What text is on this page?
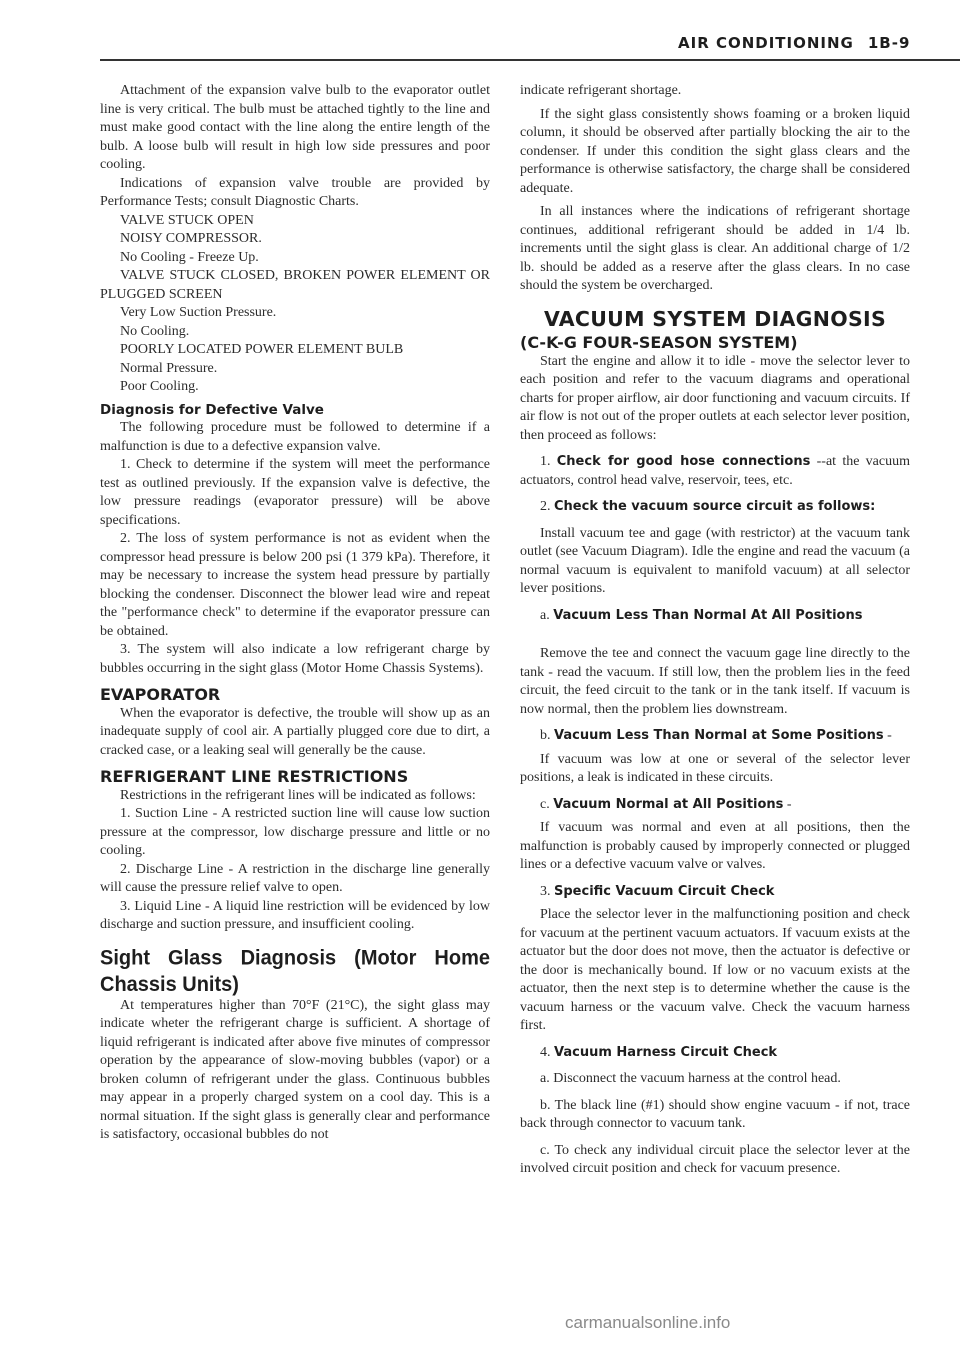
AIR CONDITIONING 1B-9

Attachment of the expansion valve bulb to the evaporator outlet line is very critical. The bulb must be attached tightly to the line and must make good contact with the line along the entire length of the bulb. A loose bulb will result in high low side pressures and poor cooling.

Indications of expansion valve trouble are provided by Performance Tests; consult Diagnostic Charts.

VALVE STUCK OPEN

NOISY COMPRESSOR.

No Cooling - Freeze Up.

VALVE STUCK CLOSED, BROKEN POWER ELEMENT OR PLUGGED SCREEN

Very Low Suction Pressure.

No Cooling.

POORLY LOCATED POWER ELEMENT BULB

Normal Pressure.

Poor Cooling.

Diagnosis for Defective Valve

The following procedure must be followed to determine if a malfunction is due to a defective expansion valve.

1. Check to determine if the system will meet the performance test as outlined previously. If the expansion valve is defective, the low pressure readings (evaporator pressure) will be above specifications.

2. The loss of system performance is not as evident when the compressor head pressure is below 200 psi (1 379 kPa). Therefore, it may be necessary to increase the system head pressure by partially blocking the condenser. Disconnect the blower lead wire and repeat the "performance check" to determine if the evaporator pressure can be obtained.

3. The system will also indicate a low refrigerant charge by bubbles occurring in the sight glass (Motor Home Chassis Systems).

EVAPORATOR

When the evaporator is defective, the trouble will show up as an inadequate supply of cool air. A partially plugged core due to dirt, a cracked case, or a leaking seal will generally be the cause.

REFRIGERANT LINE RESTRICTIONS

Restrictions in the refrigerant lines will be indicated as follows:

1. Suction Line - A restricted suction line will cause low suction pressure at the compressor, low discharge pressure and little or no cooling.

2. Discharge Line - A restriction in the discharge line generally will cause the pressure relief valve to open.

3. Liquid Line - A liquid line restriction will be evidenced by low discharge and suction pressure, and insufficient cooling.

Sight Glass Diagnosis (Motor Home Chassis Units)

At temperatures higher than 70°F (21°C), the sight glass may indicate wheter the refrigerant charge is sufficient. A shortage of liquid refrigerant is indicated after above five minutes of compressor operation by the appearance of slow-moving bubbles (vapor) or a broken column of refrigerant under the glass. Continuous bubbles may appear in a properly charged system on a cool day. This is a normal situation. If the sight glass is generally clear and performance is satisfactory, occasional bubbles do not

indicate refrigerant shortage.

If the sight glass consistently shows foaming or a broken liquid column, it should be observed after partially blocking the air to the condenser. If under this condition the sight glass clears and the performance is otherwise satisfactory, the charge shall be considered adequate.

In all instances where the indications of refrigerant shortage continues, additional refrigerant should be added in 1/4 lb. increments until the sight glass is clear. An additional charge of 1/2 lb. should be added as a reserve after the glass clears. In no case should the system be overcharged.

VACUUM SYSTEM DIAGNOSIS

(C-K-G FOUR-SEASON SYSTEM)

Start the engine and allow it to idle - move the selector lever to each position and refer to the vacuum diagrams and operational charts for proper airflow, air door functioning and vacuum circuits. If air flow is not out of the proper outlets at each selector lever position, then proceed as follows:

1. Check for good hose connections --at the vacuum actuators, control head valve, reservoir, tees, etc.

2. Check the vacuum source circuit as follows:

Install vacuum tee and gage (with restrictor) at the vacuum tank outlet (see Vacuum Diagram). Idle the engine and read the vacuum (a normal vacuum is equivalent to manifold vacuum) at all selector lever positions.

a. Vacuum Less Than Normal At All Positions

Remove the tee and connect the vacuum gage line directly to the tank - read the vacuum. If still low, then the problem lies in the feed circuit, the feed circuit to the tank or in the tank itself. If vacuum is now normal, then the problem lies downstream.

b. Vacuum Less Than Normal at Some Positions -

If vacuum was low at one or several of the selector lever positions, a leak is indicated in these circuits.

c. Vacuum Normal at All Positions -

If vacuum was normal and even at all positions, then the malfunction is probably caused by improperly connected or plugged lines or a defective vacuum valve or valves.

3. Specific Vacuum Circuit Check

Place the selector lever in the malfunctioning position and check for vacuum at the pertinent vacuum actuators. If vacuum exists at the actuator but the door does not move, then the actuator is defective or the door is mechanically bound. If low or no vacuum exists at the actuator, then the next step is to determine whether the cause is the vacuum harness or the vacuum valve. Check the vacuum harness first.

4. Vacuum Harness Circuit Check

a. Disconnect the vacuum harness at the control head.

b. The black line (#1) should show engine vacuum - if not, trace back through connector to vacuum tank.

c. To check any individual circuit place the selector lever at the involved circuit position and check for vacuum presence.

carmanualsonline.info
